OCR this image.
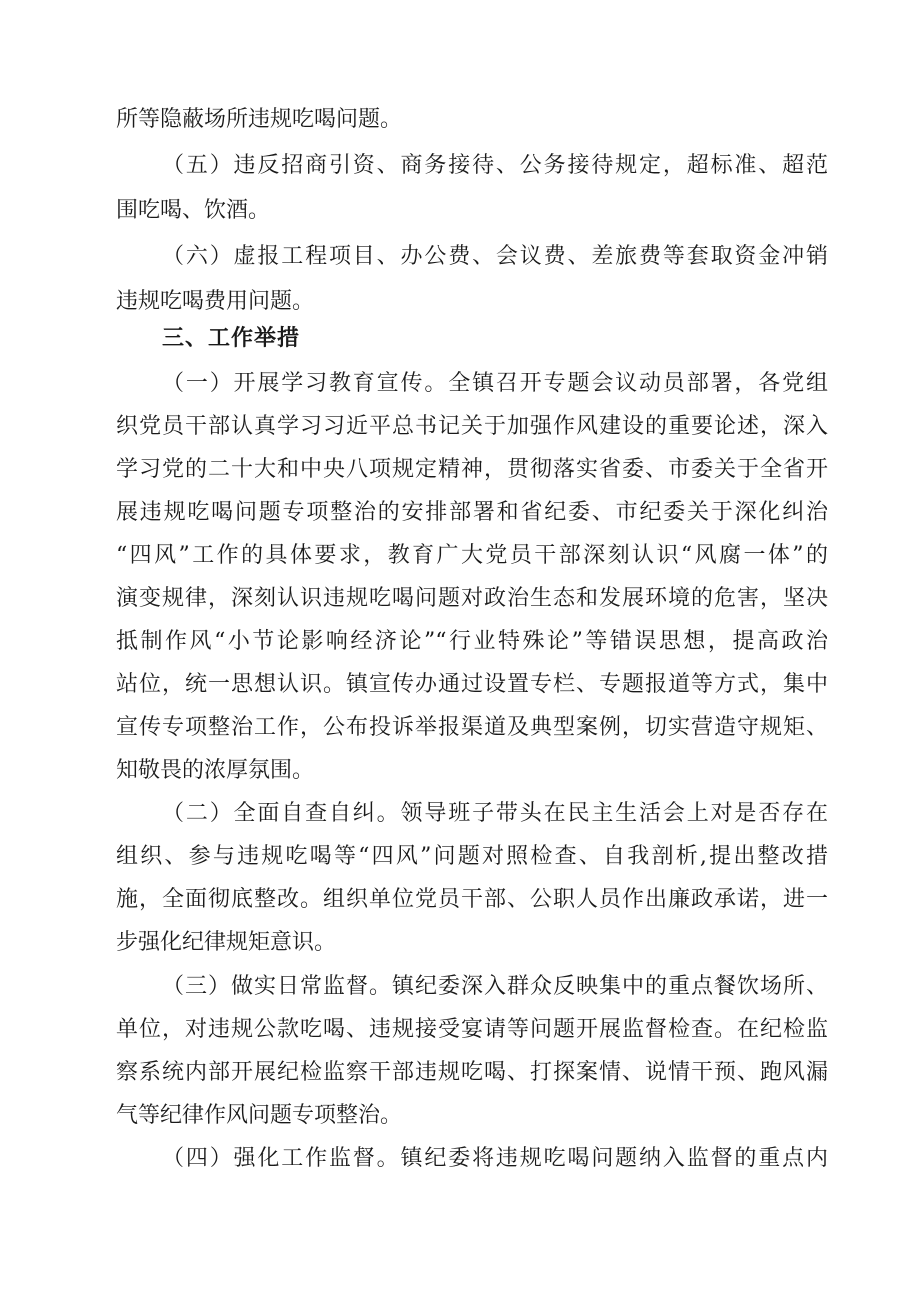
所等隐蔽场所违规吃喝问题。
（五）违反招商引资、商务接待、公务接待规定，超标准、超范
围吃喝、饮酒。
（六）虚报工程项目、办公费、会议费、差旅费等套取资金冲销
违规吃喝费用问题。
三、工作举措
（一）开展学习教育宣传。全镇召开专题会议动员部署，各党组
织党员干部认真学习习近平总书记关于加强作风建设的重要论述，深入
学习党的二十大和中央八项规定精神，贯彻落实省委、市委关于全省开
展违规吃喝问题专项整治的安排部署和省纪委、市纪委关于深化纠治
“四风”工作的具体要求，教育广大党员干部深刻认识“风腐一体”的
演变规律，深刻认识违规吃喝问题对政治生态和发展环境的危害，坚决
抵制作风“小节论影响经济论”“行业特殊论”等错误思想，提高政治
站位，统一思想认识。镇宣传办通过设置专栏、专题报道等方式，集中
宣传专项整治工作，公布投诉举报渠道及典型案例，切实营造守规矩、
知敬畏的浓厚氛围。
（二）全面自查自纠。领导班子带头在民主生活会上对是否存在
组织、参与违规吃喝等“四风”问题对照检查、自我剖析,提出整改措
施，全面彻底整改。组织单位党员干部、公职人员作出廉政承诺，进一
步强化纪律规矩意识。
（三）做实日常监督。镇纪委深入群众反映集中的重点餐饮场所、
单位，对违规公款吃喝、违规接受宴请等问题开展监督检查。在纪检监
察系统内部开展纪检监察干部违规吃喝、打探案情、说情干预、跑风漏
气等纪律作风问题专项整治。
（四）强化工作监督。镇纪委将违规吃喝问题纳入监督的重点内
